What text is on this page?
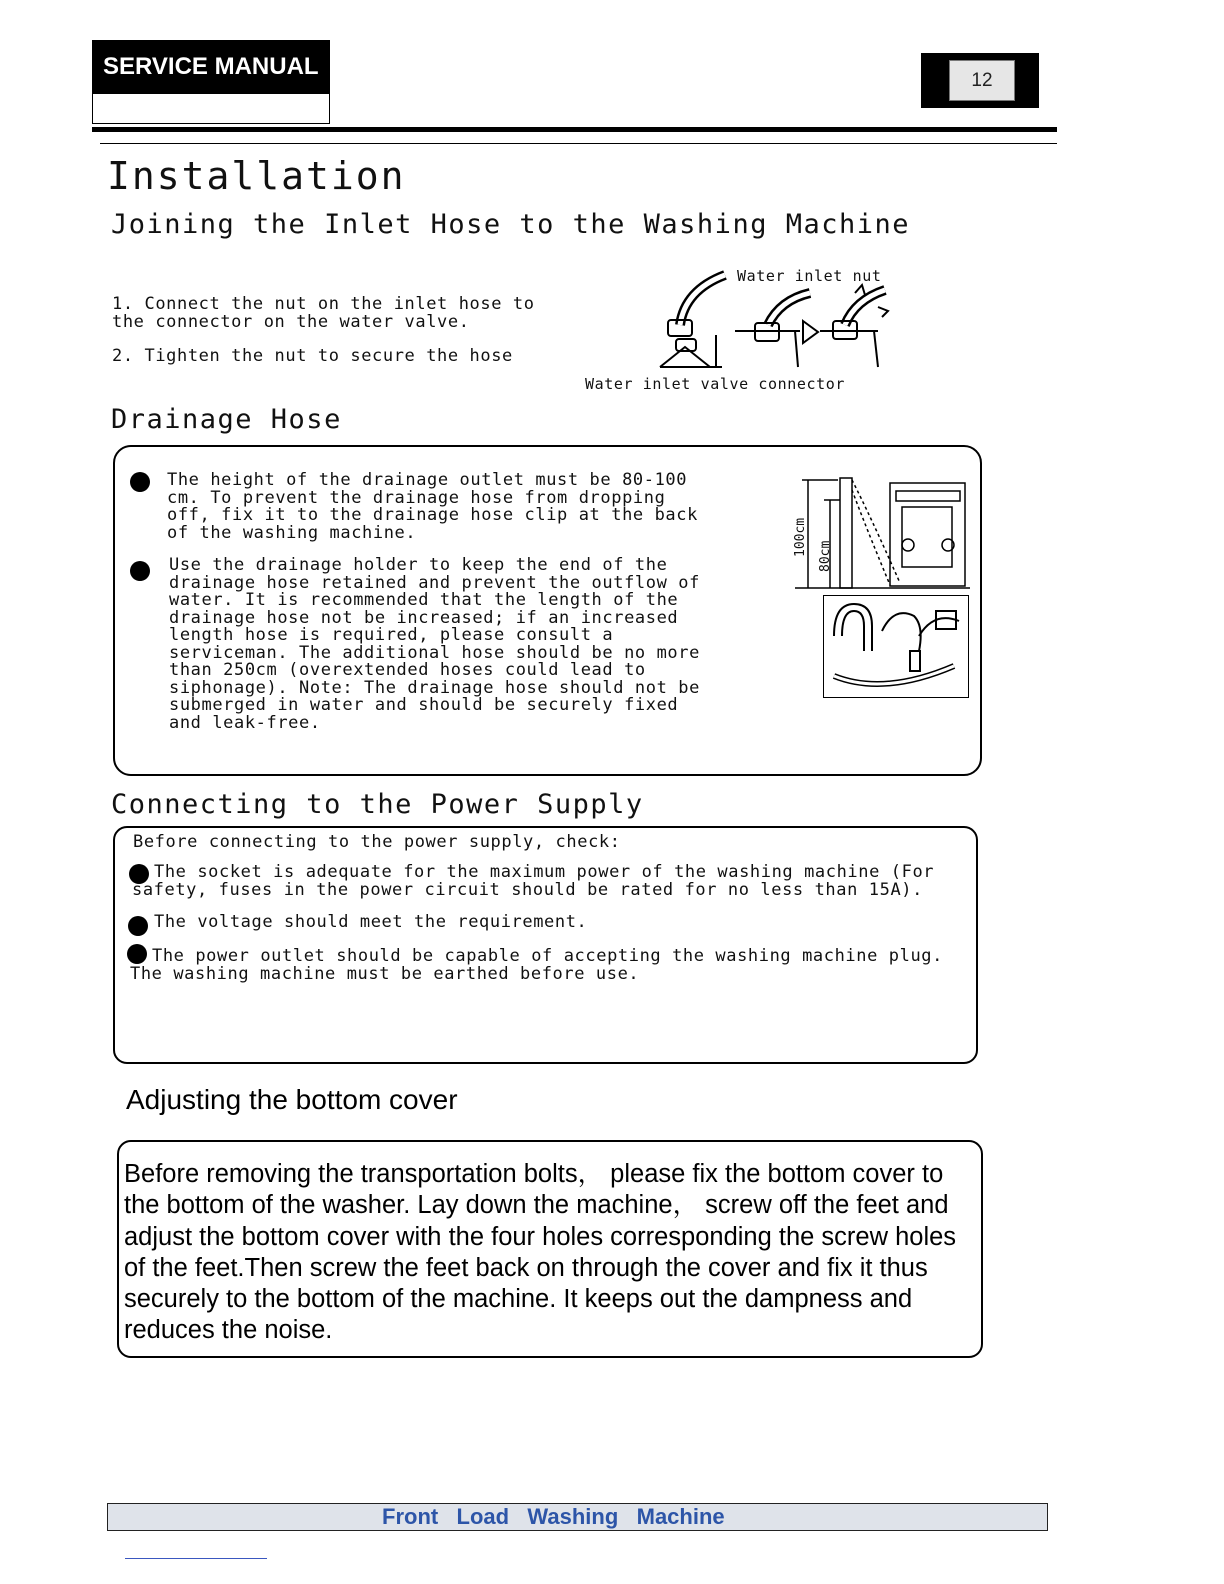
SERVICE MANUAL	12
Installation
Joining the Inlet Hose to the Washing Machine
1. Connect the nut on the inlet hose to
the connector on the water valve.
2. Tighten the nut to secure the hose
Water inlet nut
Water inlet valve connector
Drainage Hose
The height of the drainage outlet must be 80-100
cm. To prevent the drainage hose from dropping
off, fix it to the drainage hose clip at the back
of the washing machine.
Use the drainage holder to keep the end of the
drainage hose retained and prevent the outflow of
water. It is recommended that the length of the
drainage hose not be increased; if an increased
length hose is required, please consult a
serviceman. The additional hose should be no more
than 250cm (overextended hoses could lead to
siphonage). Note: The drainage hose should not be
submerged in water and should be securely fixed
and leak-free.
100cm 80cm
Connecting to the Power Supply
Before connecting to the power supply, check:
The socket is adequate for the maximum power of the washing machine (For
safety, fuses in the power circuit should be rated for no less than 15A).
The voltage should meet the requirement.
The power outlet should be capable of accepting the washing machine plug.
The washing machine must be earthed before use.
Adjusting the bottom cover
Before removing the transportation bolts， please fix the bottom cover to the bottom of the washer. Lay down the machine， screw off the feet and adjust the bottom cover with the four holes corresponding the screw holes of the feet.Then screw the feet back on through the cover and fix it thus securely to the bottom of the machine. It keeps out the dampness and reduces the noise.
Front   Load   Washing   Machine
